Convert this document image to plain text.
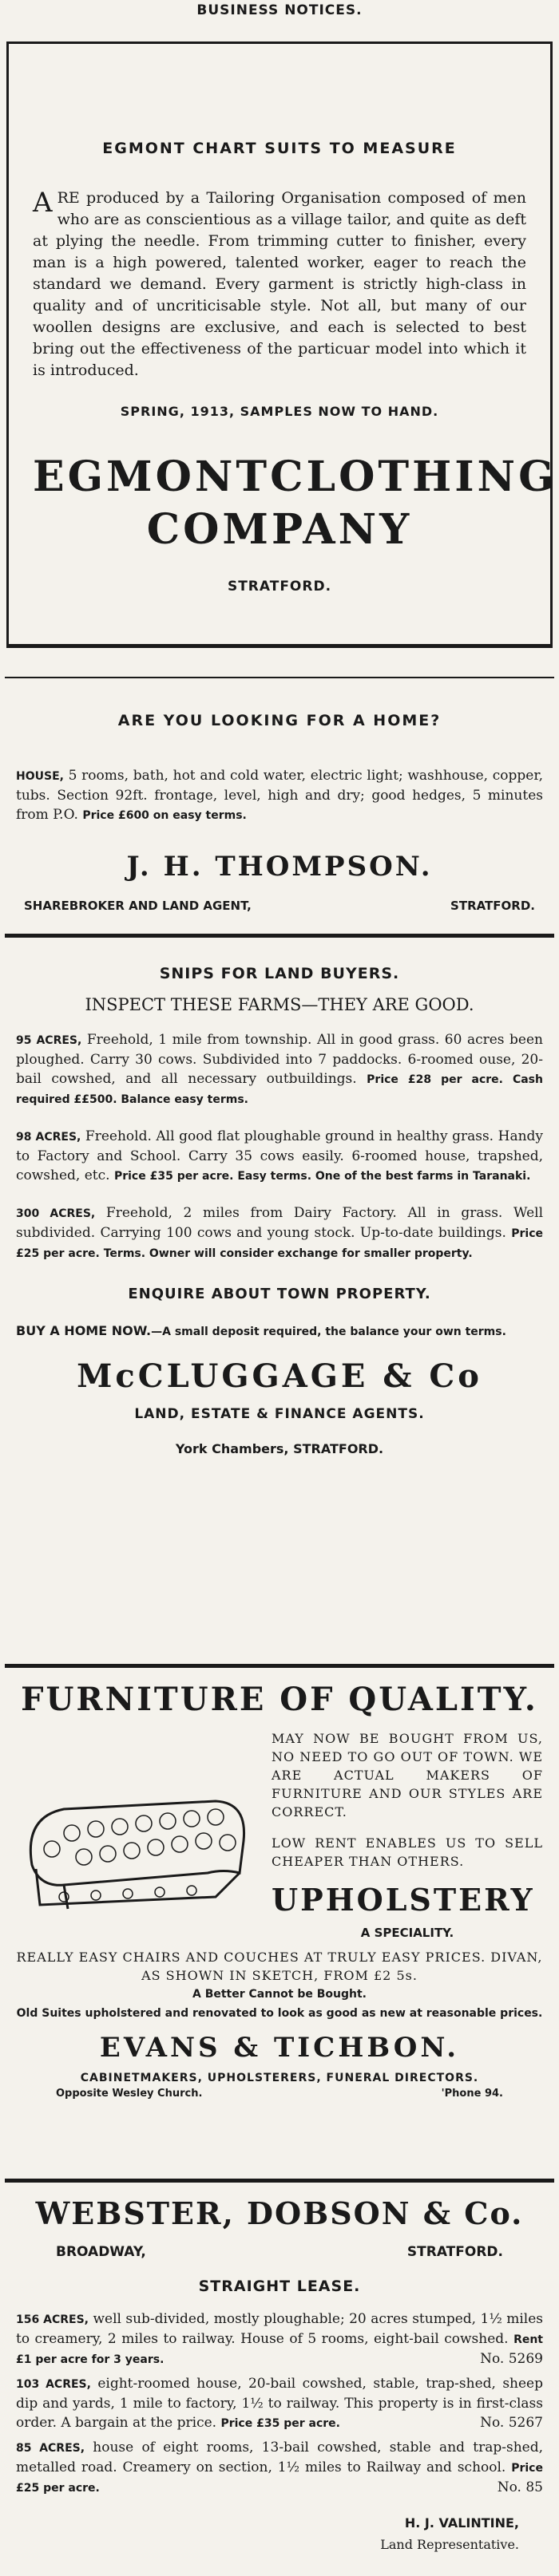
BUSINESS NOTICES.
EGMONT CHART SUITS TO MEASURE
ARE produced by a Tailoring Organisation composed of men who are as conscientious as a village tailor, and quite as deft at plying the needle. From trimming cutter to finisher, every man is a high powered, talented worker, eager to reach the standard we demand. Every garment is strictly high-class in quality and of uncriticisable style. Not all, but many of our woollen designs are exclusive, and each is selected to best bring out the effectiveness of the particuar model into which it is introduced.
SPRING, 1913, SAMPLES NOW TO HAND.
EGMONT CLOTHING
COMPANY
STRATFORD.
ARE YOU LOOKING FOR A HOME?
HOUSE, 5 rooms, bath, hot and cold water, electric light; washhouse, copper, tubs. Section 92ft. frontage, level, high and dry; good hedges, 5 minutes from P.O. Price £600 on easy terms.
J. H. THOMPSON.
SHAREBROKER AND LAND AGENT,	STRATFORD.
SNIPS FOR LAND BUYERS.
INSPECT THESE FARMS—THEY ARE GOOD.
95 ACRES, Freehold, 1 mile from township. All in good grass. 60 acres been ploughed. Carry 30 cows. Subdivided into 7 paddocks. 6-roomed ouse, 20-bail cowshed, and all necessary outbuildings. Price £28 per acre. Cash required ££500. Balance easy terms.
98 ACRES, Freehold. All good flat ploughable ground in healthy grass. Handy to Factory and School. Carry 35 cows easily. 6-roomed house, trapshed, cowshed, etc. Price £35 per acre. Easy terms. One of the best farms in Taranaki.
300 ACRES, Freehold, 2 miles from Dairy Factory. All in grass. Well subdivided. Carrying 100 cows and young stock. Up-to-date buildings. Price £25 per acre. Terms. Owner will consider exchange for smaller property.
ENQUIRE ABOUT TOWN PROPERTY.
BUY A HOME NOW.—A small deposit required, the balance your own terms.
McCLUGGAGE & Co
LAND, ESTATE & FINANCE AGENTS.
York Chambers, STRATFORD.
FURNITURE OF QUALITY.
MAY NOW BE BOUGHT FROM US, NO NEED TO GO OUT OF TOWN. WE ARE ACTUAL MAKERS OF FURNITURE AND OUR STYLES ARE CORRECT.
LOW RENT ENABLES US TO SELL CHEAPER THAN OTHERS.
UPHOLSTERY
A SPECIALITY.
REALLY EASY CHAIRS AND COUCHES AT TRULY EASY PRICES. DIVAN, AS SHOWN IN SKETCH, FROM £2 5s.
A Better Cannot be Bought.
Old Suites upholstered and renovated to look as good as new at reasonable prices.
EVANS & TICHBON.
CABINETMAKERS, UPHOLSTERERS, FUNERAL DIRECTORS.
Opposite Wesley Church.	'Phone 94.
WEBSTER, DOBSON & Co.
BROADWAY,	STRATFORD.
STRAIGHT LEASE.
156 ACRES, well sub-divided, mostly ploughable; 20 acres stumped, 1½ miles to creamery, 2 miles to railway. House of 5 rooms, eight-bail cowshed. Rent £1 per acre for 3 years.	No. 5269
103 ACRES, eight-roomed house, 20-bail cowshed, stable, trap-shed, sheep dip and yards, 1 mile to factory, 1½ to railway. This property is in first-class order. A bargain at the price. Price £35 per acre.	No. 5267
85 ACRES, house of eight rooms, 13-bail cowshed, stable and trap-shed, metalled road. Creamery on section, 1½ miles to Railway and school. Price £25 per acre.	No. 85
H. J. VALINTINE,
Land Representative.
